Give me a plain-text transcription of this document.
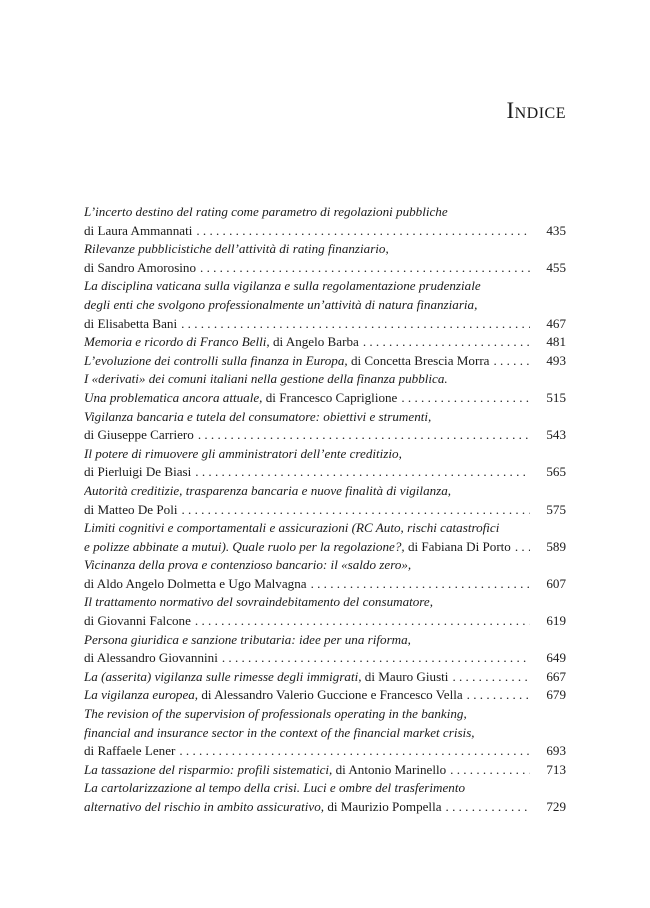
Indice
L’incerto destino del rating come parametro di regolazioni pubbliche
di Laura Ammannati . . .	435
Rilevanze pubblicistiche dell’attività di rating finanziario,
di Sandro Amorosino . . .	455
La disciplina vaticana sulla vigilanza e sulla regolamentazione prudenziale
degli enti che svolgono professionalmente un’attività di natura finanziaria,
di Elisabetta Bani . . .	467
Memoria e ricordo di Franco Belli, di Angelo Barba . . .	481
L’evoluzione dei controlli sulla finanza in Europa, di Concetta Brescia Morra . . .	493
I «derivati» dei comuni italiani nella gestione della finanza pubblica.
Una problematica ancora attuale, di Francesco Capriglione . . .	515
Vigilanza bancaria e tutela del consumatore: obiettivi e strumenti,
di Giuseppe Carriero . . .	543
Il potere di rimuovere gli amministratori dell’ente creditizio,
di Pierluigi De Biasi . . .	565
Autorità creditizie, trasparenza bancaria e nuove finalità di vigilanza,
di Matteo De Poli . . .	575
Limiti cognitivi e comportamentali e assicurazioni (RC Auto, rischi catastrofici
e polizze abbinate a mutui). Quale ruolo per la regolazione?, di Fabiana Di Porto . . .	589
Vicinanza della prova e contenzioso bancario: il «saldo zero»,
di Aldo Angelo Dolmetta e Ugo Malvagna . . .	607
Il trattamento normativo del sovraindebitamento del consumatore,
di Giovanni Falcone . . .	619
Persona giuridica e sanzione tributaria: idee per una riforma,
di Alessandro Giovannini . . .	649
La (asserita) vigilanza sulle rimesse degli immigrati, di Mauro Giusti . . .	667
La vigilanza europea, di Alessandro Valerio Guccione e Francesco Vella . . .	679
The revision of the supervision of professionals operating in the banking,
financial and insurance sector in the context of the financial market crisis,
di Raffaele Lener . . .	693
La tassazione del risparmio: profili sistematici, di Antonio Marinello . . .	713
La cartolarizzazione al tempo della crisi. Luci e ombre del trasferimento
alternativo del rischio in ambito assicurativo, di Maurizio Pompella . . .	729
